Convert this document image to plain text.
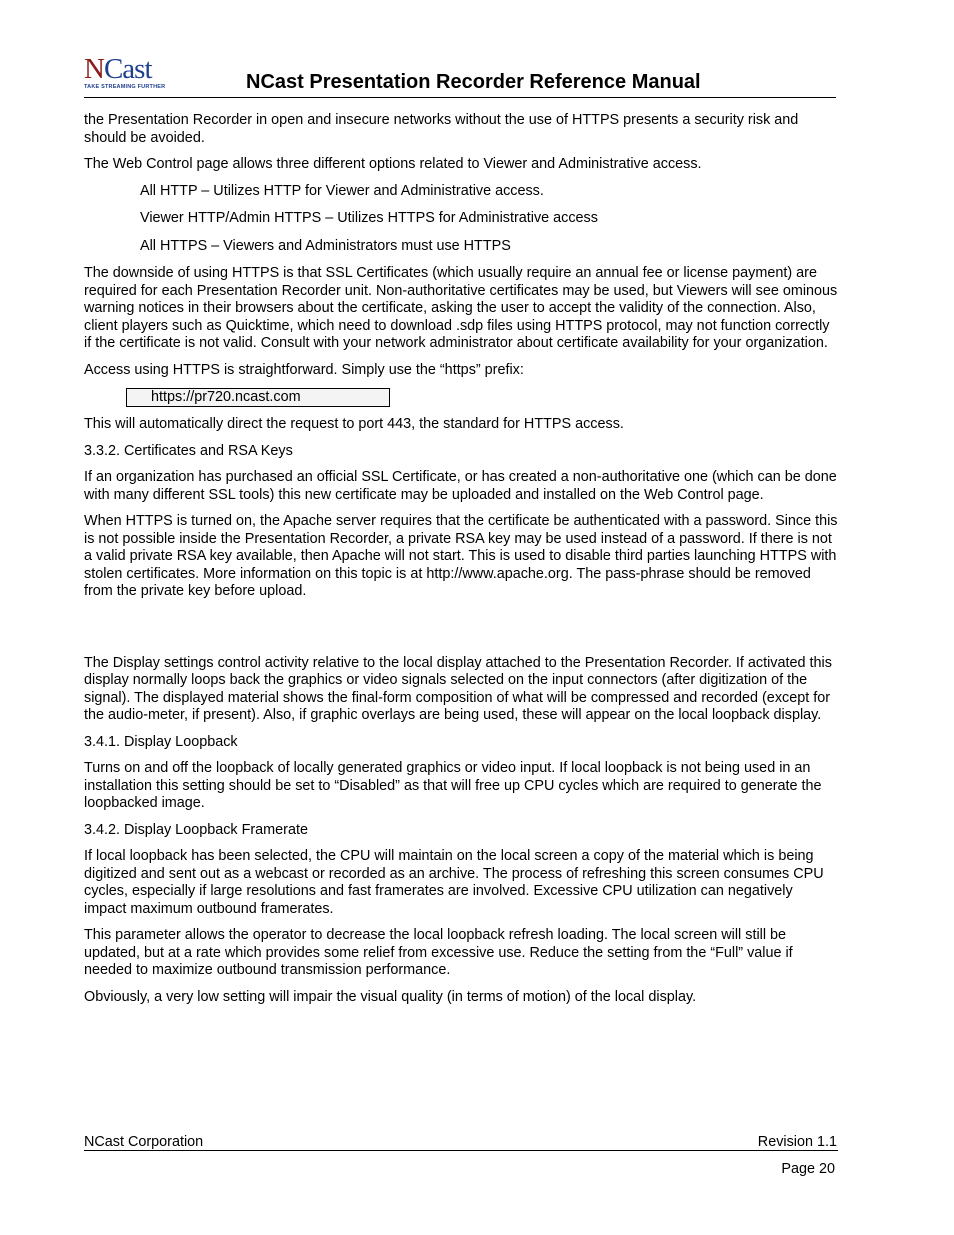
NCast
TAKE STREAMING FURTHER	NCast Presentation Recorder Reference Manual

the Presentation Recorder in open and insecure networks without the use of HTTPS presents a security risk and should be avoided.

The Web Control page allows three different options related to Viewer and Administrative access.

All HTTP – Utilizes HTTP for Viewer and Administrative access.

Viewer HTTP/Admin HTTPS – Utilizes HTTPS for Administrative access

All HTTPS – Viewers and Administrators must use HTTPS

The downside of using HTTPS is that SSL Certificates (which usually require an annual fee or license payment) are required for each Presentation Recorder unit. Non-authoritative certificates may be used, but Viewers will see ominous warning notices in their browsers about the certificate, asking the user to accept the validity of the connection. Also, client players such as Quicktime, which need to download .sdp files using HTTPS protocol, may not function correctly if the certificate is not valid. Consult with your network administrator about certificate availability for your organization.

Access using HTTPS is straightforward. Simply use the “https” prefix:

https://pr720.ncast.com

This will automatically direct the request to port 443, the standard for HTTPS access.

3.3.2. Certificates and RSA Keys

If an organization has purchased an official SSL Certificate, or has created a non-authoritative one (which can be done with many different SSL tools) this new certificate may be uploaded and installed on the Web Control page.

When HTTPS is turned on, the Apache server requires that the certificate be authenticated with a password. Since this is not possible inside the Presentation Recorder, a private RSA key may be used instead of a password. If there is not a valid private RSA key available, then Apache will not start. This is used to disable third parties launching HTTPS with stolen certificates. More information on this topic is at http://www.apache.org. The pass-phrase should be removed from the private key before upload.

The Display settings control activity relative to the local display attached to the Presentation Recorder. If activated this display normally loops back the graphics or video signals selected on the input connectors (after digitization of the signal). The displayed material shows the final-form composition of what will be compressed and recorded (except for the audio-meter, if present). Also, if graphic overlays are being used, these will appear on the local loopback display.

3.4.1. Display Loopback

Turns on and off the loopback of locally generated graphics or video input. If local loopback is not being used in an installation this setting should be set to “Disabled” as that will free up CPU cycles which are required to generate the loopbacked image.

3.4.2. Display Loopback Framerate

If local loopback has been selected, the CPU will maintain on the local screen a copy of the material which is being digitized and sent out as a webcast or recorded as an archive. The process of refreshing this screen consumes CPU cycles, especially if large resolutions and fast framerates are involved. Excessive CPU utilization can negatively impact maximum outbound framerates.

This parameter allows the operator to decrease the local loopback refresh loading. The local screen will still be updated, but at a rate which provides some relief from excessive use. Reduce the setting from the “Full” value if needed to maximize outbound transmission performance.

Obviously, a very low setting will impair the visual quality (in terms of motion) of the local display.

NCast Corporation	Revision 1.1
Page 20
